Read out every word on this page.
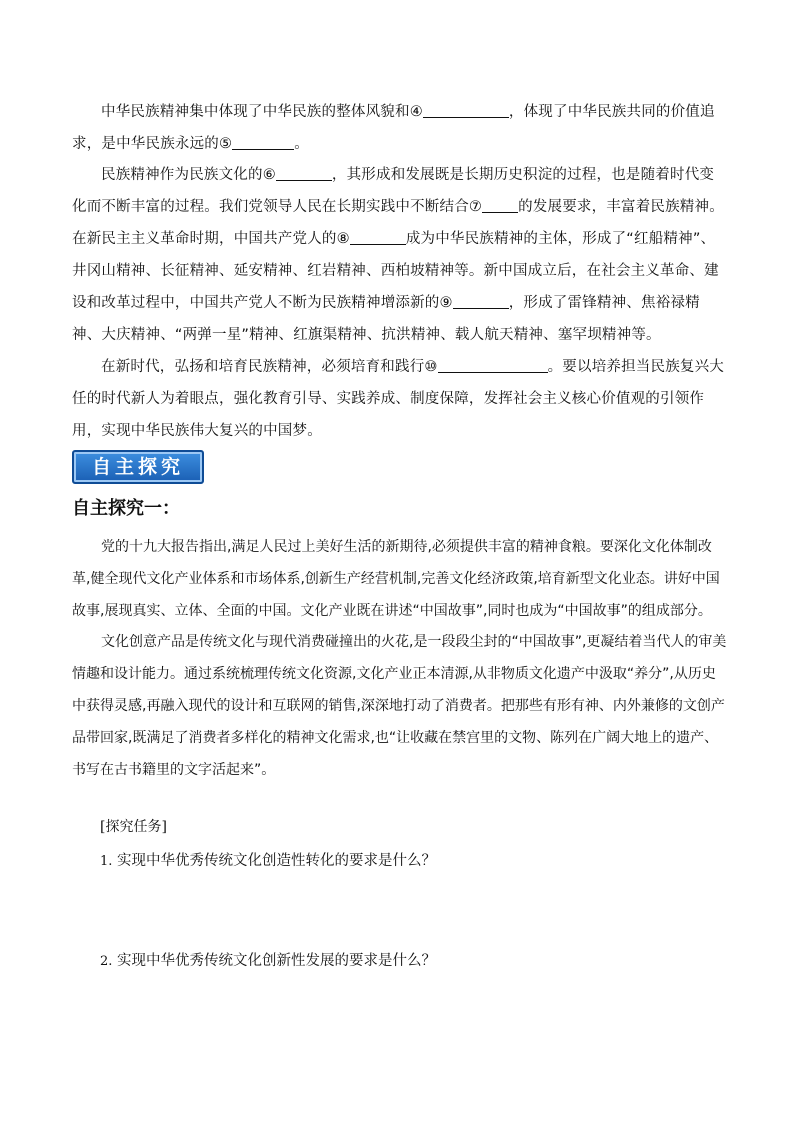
中华民族精神集中体现了中华民族的整体风貌和④	，体现了中华民族共同的价值追求，是中华民族永远的⑤	。
民族精神作为民族文化的⑥	，其形成和发展既是长期历史积淀的过程，也是随着时代变化而不断丰富的过程。我们党领导人民在长期实践中不断结合⑦ 的发展要求，丰富着民族精神。在新民主主义革命时期，中国共产党人的⑧	成为中华民族精神的主体，形成了“红船精神”、井冈山精神、长征精神、延安精神、红岩精神、西柏坡精神等。新中国成立后，在社会主义革命、建设和改革过程中，中国共产党人不断为民族精神增添新的⑨	，形成了雷锋精神、焦裕禄精神、大庆精神、“两弹一星”精神、红旗渠精神、抗洪精神、载人航天精神、塞罕坝精神等。
在新时代，弘扬和培育民族精神，必须培育和践行⑩	。要以培养担当民族复兴大任的时代新人为着眼点，强化教育引导、实践养成、制度保障，发挥社会主义核心价值观的引领作用，实现中华民族伟大复兴的中国梦。
自主探究
自主探究一：
党的十九大报告指出,满足人民过上美好生活的新期待,必须提供丰富的精神食粮。要深化文化体制改革,健全现代文化产业体系和市场体系,创新生产经营机制,完善文化经济政策,培育新型文化业态。讲好中国故事,展现真实、立体、全面的中国。文化产业既在讲述“中国故事”,同时也成为“中国故事”的组成部分。
文化创意产品是传统文化与现代消费碰撞出的火花,是一段段尘封的“中国故事”,更凝结着当代人的审美情趣和设计能力。通过系统梳理传统文化资源,文化产业正本清源,从非物质文化遗产中汲取“养分”,从历史中获得灵感,再融入现代的设计和互联网的销售,深深地打动了消费者。把那些有形有神、内外兼修的文创产品带回家,既满足了消费者多样化的精神文化需求,也“让收藏在禁宫里的文物、陈列在广阔大地上的遗产、书写在古书籍里的文字活起来”。
[探究任务]
1. 实现中华优秀传统文化创造性转化的要求是什么？
2. 实现中华优秀传统文化创新性发展的要求是什么？
